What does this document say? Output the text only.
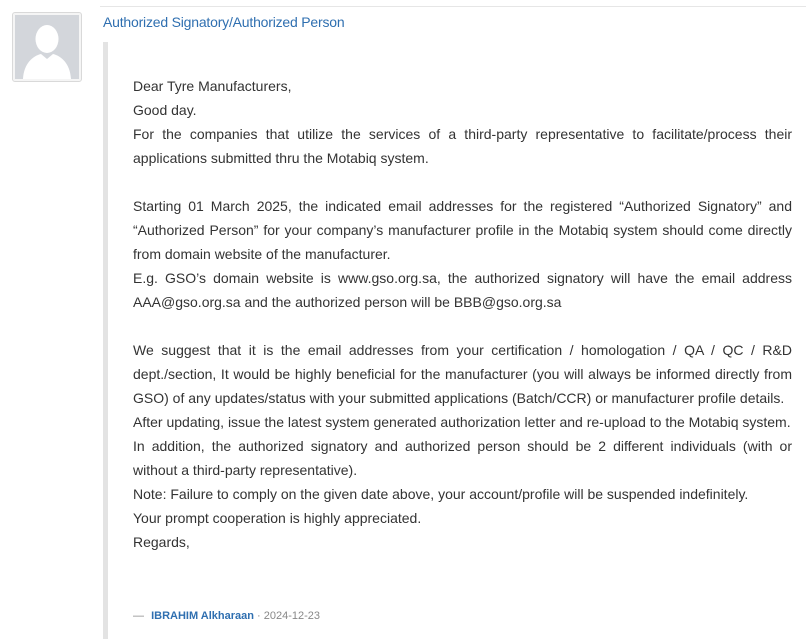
Authorized Signatory/Authorized Person

Dear Tyre Manufacturers,

Good day.

For the companies that utilize the services of a third-party representative to facilitate/process their applications submitted thru the Motabiq system.

Starting 01 March 2025, the indicated email addresses for the registered “Authorized Signatory” and “Authorized Person” for your company’s manufacturer profile in the Motabiq system should come directly from domain website of the manufacturer.

E.g. GSO’s domain website is www.gso.org.sa, the authorized signatory will have the email address AAA@gso.org.sa and the authorized person will be BBB@gso.org.sa

We suggest that it is the email addresses from your certification / homologation / QA / QC / R&D dept./section, It would be highly beneficial for the manufacturer (you will always be informed directly from GSO) of any updates/status with your submitted applications (Batch/CCR) or manufacturer profile details.

After updating, issue the latest system generated authorization letter and re-upload to the Motabiq system.

In addition, the authorized signatory and authorized person should be 2 different individuals (with or without a third-party representative).

Note: Failure to comply on the given date above, your account/profile will be suspended indefinitely.

Your prompt cooperation is highly appreciated.

Regards,

— IBRAHIM Alkharaan · 2024-12-23
